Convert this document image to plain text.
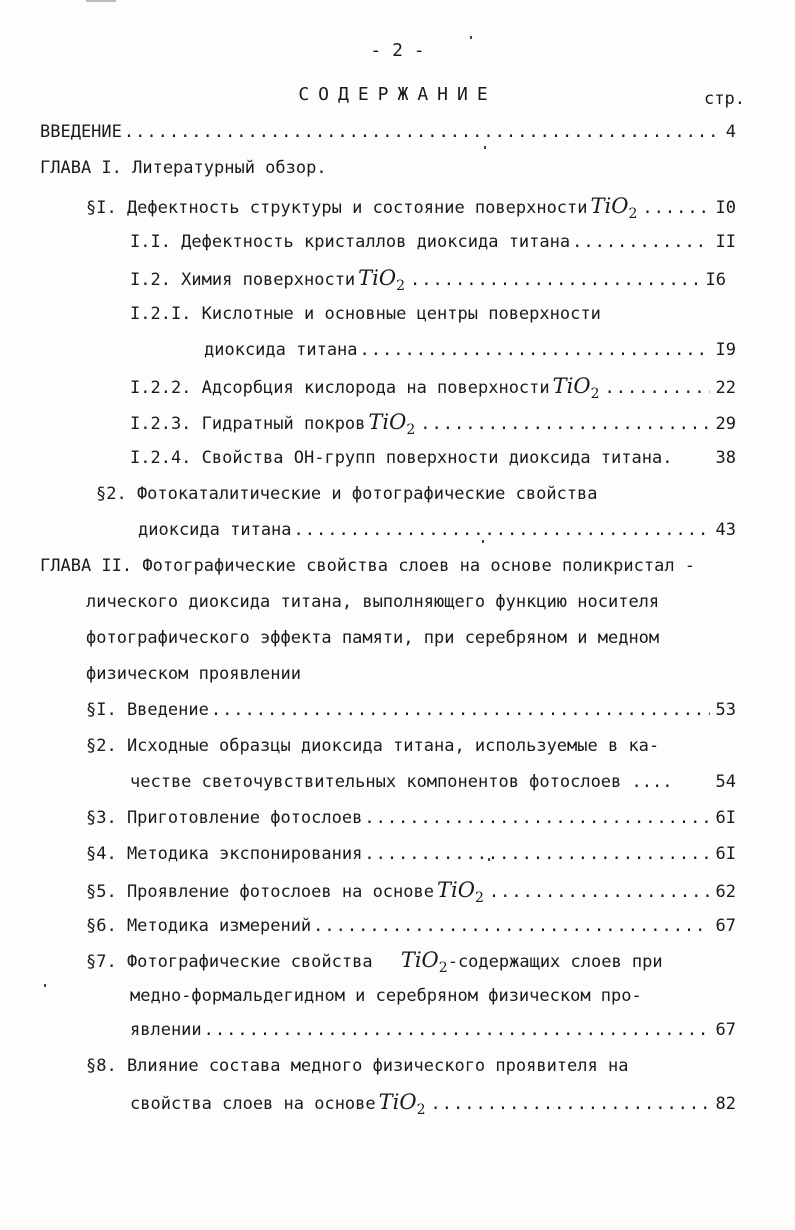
- 2 -
СОДЕРЖАНИЕ	стр.
ВВЕДЕНИЕ .....	4
ГЛАВА I. Литературный обзор.
§I. Дефектность структуры и состояние поверхности TiO$_2$ .....	I0
I.I. Дефектность кристаллов диоксида титана .....	II
I.2. Химия поверхности TiO$_2$ .....	I6
I.2.I. Кислотные и основные центры поверхности
диоксида титана .....	I9
I.2.2. Адсорбция кислорода на поверхности TiO$_2$ .....	22
I.2.3. Гидратный покров TiO$_2$ .....	29
I.2.4. Свойства ОН-групп поверхности диоксида титана.	38
§2. Фотокаталитические и фотографические свойства
диоксида титана .....	43
ГЛАВА II. Фотографические свойства слоев на основе поликристал -
лического диоксида титана, выполняющего функцию носителя
фотографического эффекта памяти, при серебряном и медном
физическом проявлении
§I. Введение .....	53
§2. Исходные образцы диоксида титана, используемые в ка-
честве светочувствительных компонентов фотослоев ....	54
§3. Приготовление фотослоев .....	6I
§4. Методика экспонирования .....	6I
§5. Проявление фотослоев на основе TiO$_2$ .....	62
§6. Методика измерений .....	67
§7. Фотографические свойства TiO$_2$-содержащих слоев при
медно-формальдегидном и серебряном физическом про-
явлении .....	67
§8. Влияние состава медного физического проявителя на
свойства слоев на основе TiO$_2$ .....	82
